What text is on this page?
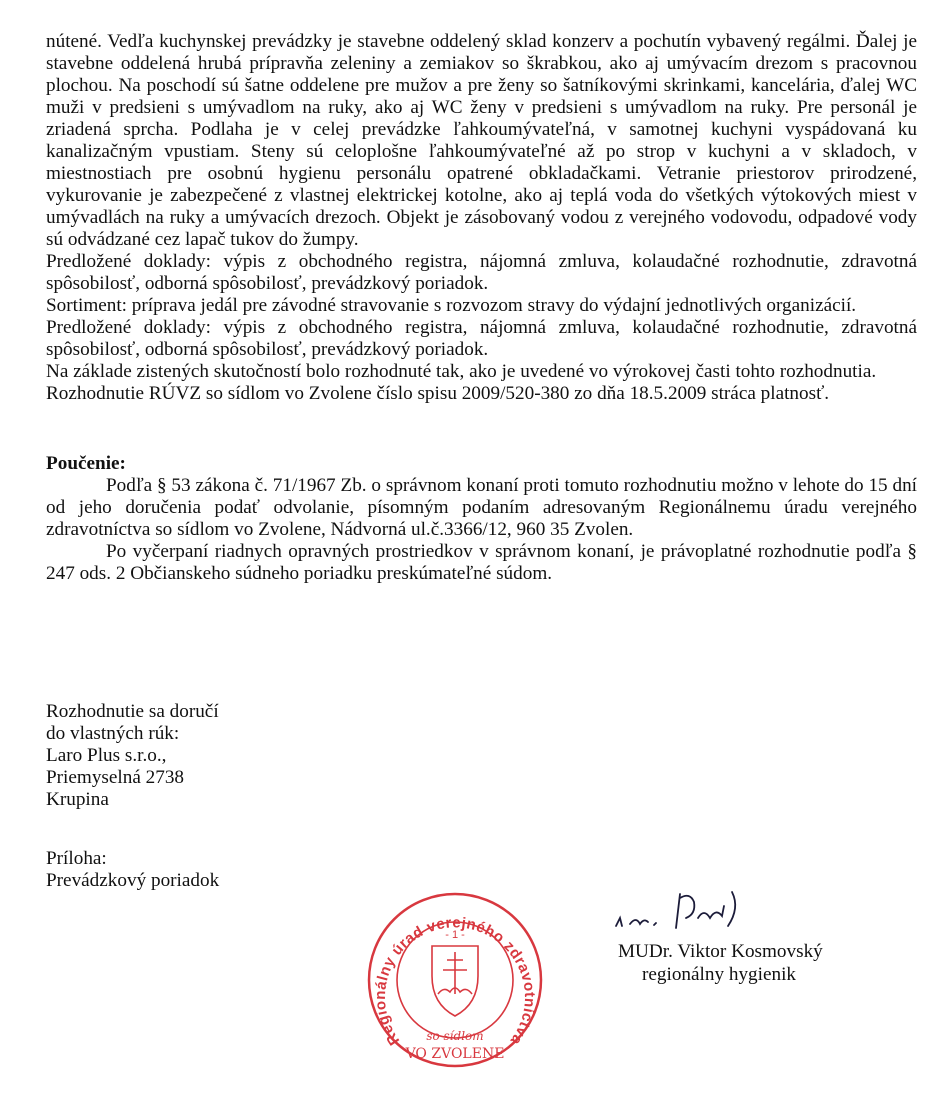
nútené. Vedľa kuchynskej prevádzky je stavebne oddelený sklad konzerv a pochutín vybavený regálmi. Ďalej je stavebne oddelená hrubá prípravňa zeleniny a zemiakov so škrabkou, ako aj umývacím drezom s pracovnou plochou. Na poschodí sú šatne oddelene pre mužov a pre ženy so šatníkovými skrinkami, kancelária, ďalej WC muži v predsieni s umývadlom na ruky, ako aj WC ženy v predsieni s umývadlom na ruky. Pre personál je zriadená sprcha. Podlaha je v celej prevádzke ľahkoumývateľná, v samotnej kuchyni vyspádovaná ku kanalizačným vpustiam. Steny sú celoplošne ľahkoumývateľné až po strop v kuchyni a v skladoch, v miestnostiach pre osobnú hygienu personálu opatrené obkladačkami. Vetranie priestorov prirodzené, vykurovanie je zabezpečené z vlastnej elektrickej kotolne, ako aj teplá voda do všetkých výtokových miest v umývadlách na ruky a umývacích drezoch. Objekt je zásobovaný vodou z verejného vodovodu, odpadové vody sú odvádzané cez lapač tukov do žumpy.
Predložené doklady: výpis z obchodného registra, nájomná zmluva, kolaudačné rozhodnutie, zdravotná spôsobilosť, odborná spôsobilosť, prevádzkový poriadok.
Sortiment: príprava jedál pre závodné stravovanie s rozvozom stravy do výdajní jednotlivých organizácií.
Predložené doklady: výpis z obchodného registra, nájomná zmluva, kolaudačné rozhodnutie, zdravotná spôsobilosť, odborná spôsobilosť, prevádzkový poriadok.
Na základe zistených skutočností bolo rozhodnuté tak, ako je uvedené vo výrokovej časti tohto rozhodnutia.
Rozhodnutie RÚVZ so sídlom vo Zvolene číslo spisu 2009/520-380 zo dňa 18.5.2009 stráca platnosť.
Poučenie:
Podľa § 53 zákona č. 71/1967 Zb. o správnom konaní proti tomuto rozhodnutiu možno v lehote do 15 dní od jeho doručenia podať odvolanie, písomným podaním adresovaným Regionálnemu úradu verejného zdravotníctva so sídlom vo Zvolene, Nádvorná ul.č.3366/12, 960 35 Zvolen.
Po vyčerpaní riadnych opravných prostriedkov v správnom konaní, je právoplatné rozhodnutie podľa § 247 ods. 2 Občianskeho súdneho poriadku preskúmateľné súdom.
Rozhodnutie sa doručí
do vlastných rúk:
Laro Plus s.r.o.,
Priemyselná 2738
Krupina
Príloha:
Prevádzkový poriadok
Regionálny úrad verejného zdravotníctva
- 1 -
so sídlom
VO ZVOLENE
MUDr. Viktor Kosmovský
regionálny hygienik
